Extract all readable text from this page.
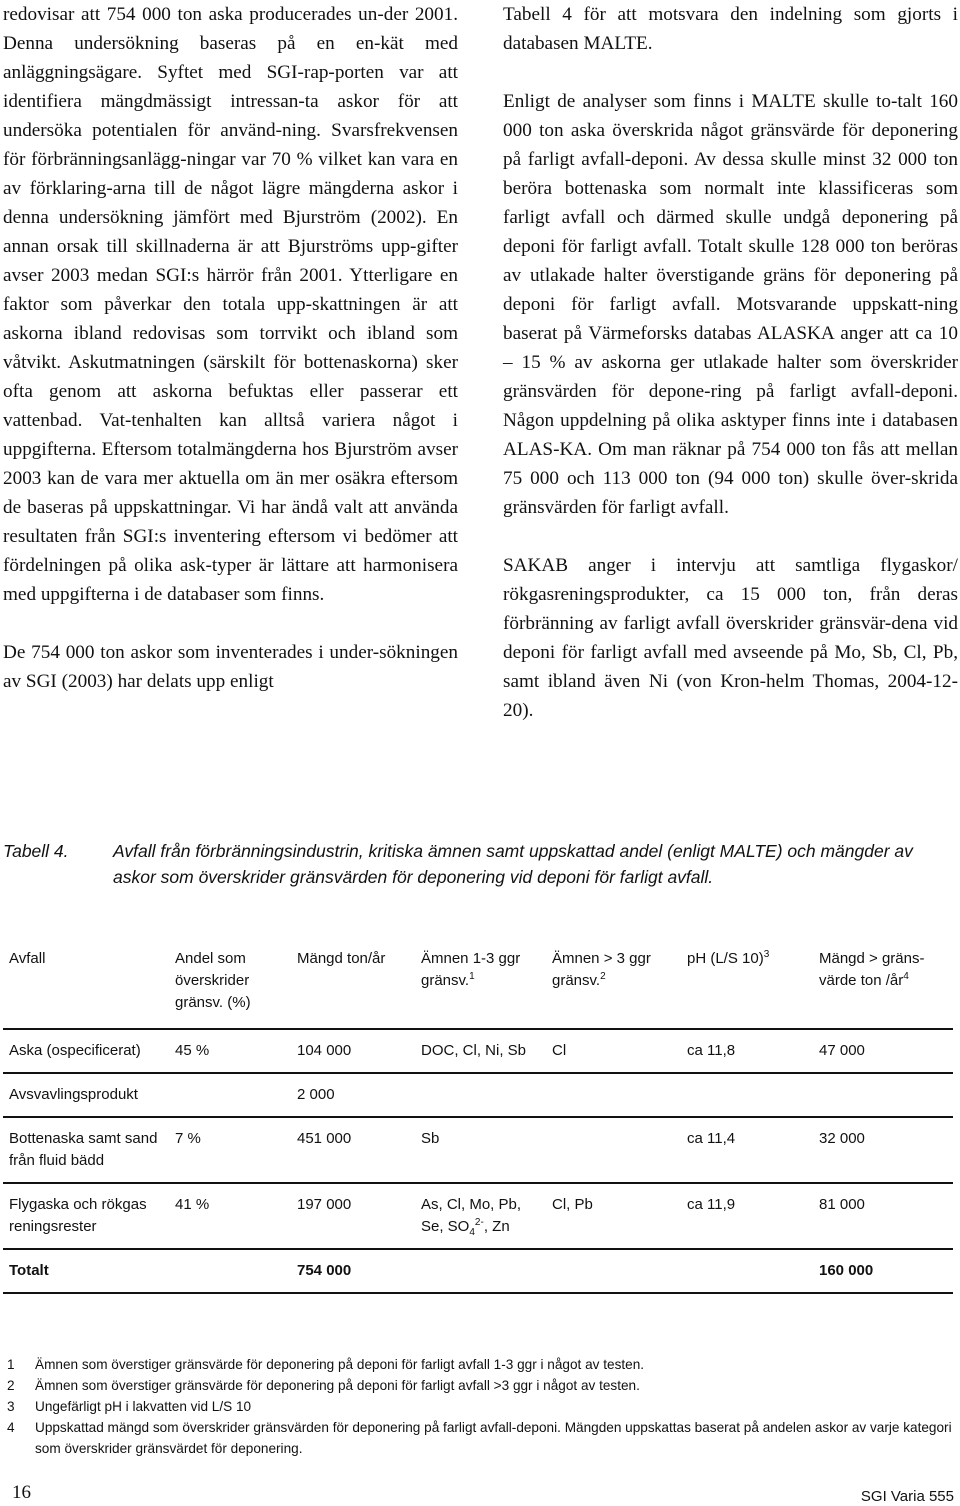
redovisar att 754 000 ton aska producerades un-der 2001. Denna undersökning baseras på en en-kät med anläggningsägare. Syftet med SGI-rap-porten var att identifiera mängdmässigt intressan-ta askor för att undersöka potentialen för använd-ning. Svarsfrekvensen för förbränningsanlägg-ningar var 70 % vilket kan vara en av förklaring-arna till de något lägre mängderna askor i denna undersökning jämfört med Bjurström (2002). En annan orsak till skillnaderna är att Bjurströms upp-gifter avser 2003 medan SGI:s härrör från 2001. Ytterligare en faktor som påverkar den totala upp-skattningen är att askorna ibland redovisas som torrvikt och ibland som våtvikt. Askutmatningen (särskilt för bottenaskorna) sker ofta genom att askorna befuktas eller passerar ett vattenbad. Vat-tenhalten kan alltså variera något i uppgifterna. Eftersom totalmängderna hos Bjurström avser 2003 kan de vara mer aktuella om än mer osäkra eftersom de baseras på uppskattningar. Vi har ändå valt att använda resultaten från SGI:s inventering eftersom vi bedömer att fördelningen på olika ask-typer är lättare att harmonisera med uppgifterna i de databaser som finns.

De 754 000 ton askor som inventerades i under-sökningen av SGI (2003) har delats upp enligt

Tabell 4 för att motsvara den indelning som gjorts i databasen MALTE.

Enligt de analyser som finns i MALTE skulle to-talt 160 000 ton aska överskrida något gränsvärde för deponering på farligt avfall-deponi. Av dessa skulle minst 32 000 ton beröra bottenaska som normalt inte klassificeras som farligt avfall och därmed skulle undgå deponering på deponi för farligt avfall. Totalt skulle 128 000 ton beröras av utlakade halter överstigande gräns för deponering på deponi för farligt avfall. Motsvarande uppskatt-ning baserat på Värmeforsks databas ALASKA anger att ca 10 – 15 % av askorna ger utlakade halter som överskrider gränsvärden för depone-ring på farligt avfall-deponi. Någon uppdelning på olika asktyper finns inte i databasen ALAS-KA. Om man räknar på 754 000 ton fås att mellan 75 000 och 113 000 ton (94 000 ton) skulle över-skrida gränsvärden för farligt avfall.

SAKAB anger i intervju att samtliga flygaskor/ rökgasreningsprodukter, ca 15 000 ton, från deras förbränning av farligt avfall överskrider gränsvär-dena vid deponi för farligt avfall med avseende på Mo, Sb, Cl, Pb, samt ibland även Ni (von Kron-helm Thomas, 2004-12-20).

Tabell 4.	Avfall från förbränningsindustrin, kritiska ämnen samt uppskattad andel (enligt MALTE) och mängder av askor som överskrider gränsvärden för deponering vid deponi för farligt avfall.
Avfall	Andel som överskrider gränsv. (%)	Mängd ton/år	Ämnen 1-3 ggr gränsv.$^1$	Ämnen > 3 ggr gränsv.$^2$	pH (L/S 10)$^3$	Mängd > gräns-värde ton $/år^4$
Aska (ospecificerat)	45 %	104 000	DOC, Cl, Ni, Sb	Cl	ca 11,8	47 000
Avsvavlingsprodukt		2 000				
Bottenaska samt sand från fluid bädd	7 %	451 000	Sb		ca 11,4	32 000
Flygaska och rökgas reningsrester	41 %	197 000	As, Cl, Mo, Pb, Se, $SO_4^{2-}$, Zn	Cl, Pb	ca 11,9	81 000
Totalt		754 000				160 000
1 Ämnen som överstiger gränsvärde för deponering på deponi för farligt avfall 1-3 ggr i något av testen.
2 Ämnen som överstiger gränsvärde för deponering på deponi för farligt avfall >3 ggr i något av testen.
3 Ungefärligt pH i lakvatten vid L/S 10
4 Uppskattad mängd som överskrider gränsvärden för deponering på farligt avfall-deponi. Mängden uppskattas baserat på andelen askor av varje kategori som överskrider gränsvärdet för deponering.
16	SGI Varia 555
